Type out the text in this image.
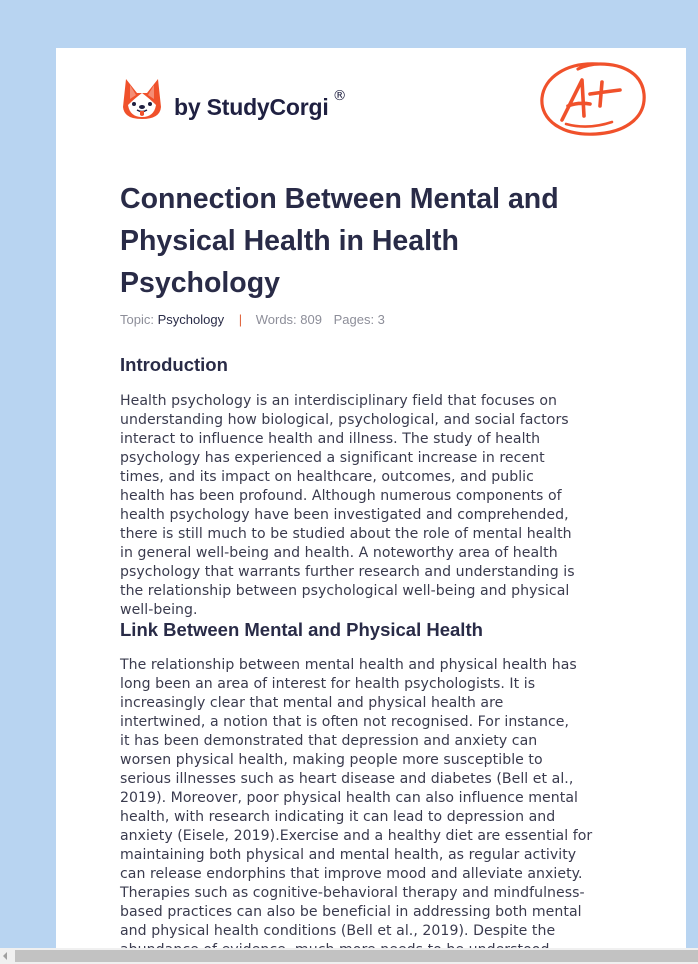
by StudyCorgi ®
Connection Between Mental and
Physical Health in Health
Psychology
Topic: Psychology | Words: 809 Pages: 3
Introduction
Health psychology is an interdisciplinary field that focuses on
understanding how biological, psychological, and social factors
interact to influence health and illness. The study of health
psychology has experienced a significant increase in recent
times, and its impact on healthcare, outcomes, and public
health has been profound. Although numerous components of
health psychology have been investigated and comprehended,
there is still much to be studied about the role of mental health
in general well-being and health. A noteworthy area of health
psychology that warrants further research and understanding is
the relationship between psychological well-being and physical
well-being.
Link Between Mental and Physical Health
The relationship between mental health and physical health has
long been an area of interest for health psychologists. It is
increasingly clear that mental and physical health are
intertwined, a notion that is often not recognised. For instance,
it has been demonstrated that depression and anxiety can
worsen physical health, making people more susceptible to
serious illnesses such as heart disease and diabetes (Bell et al.,
2019). Moreover, poor physical health can also influence mental
health, with research indicating it can lead to depression and
anxiety (Eisele, 2019).Exercise and a healthy diet are essential for
maintaining both physical and mental health, as regular activity
can release endorphins that improve mood and alleviate anxiety.
Therapies such as cognitive-behavioral therapy and mindfulness-
based practices can also be beneficial in addressing both mental
and physical health conditions (Bell et al., 2019). Despite the
